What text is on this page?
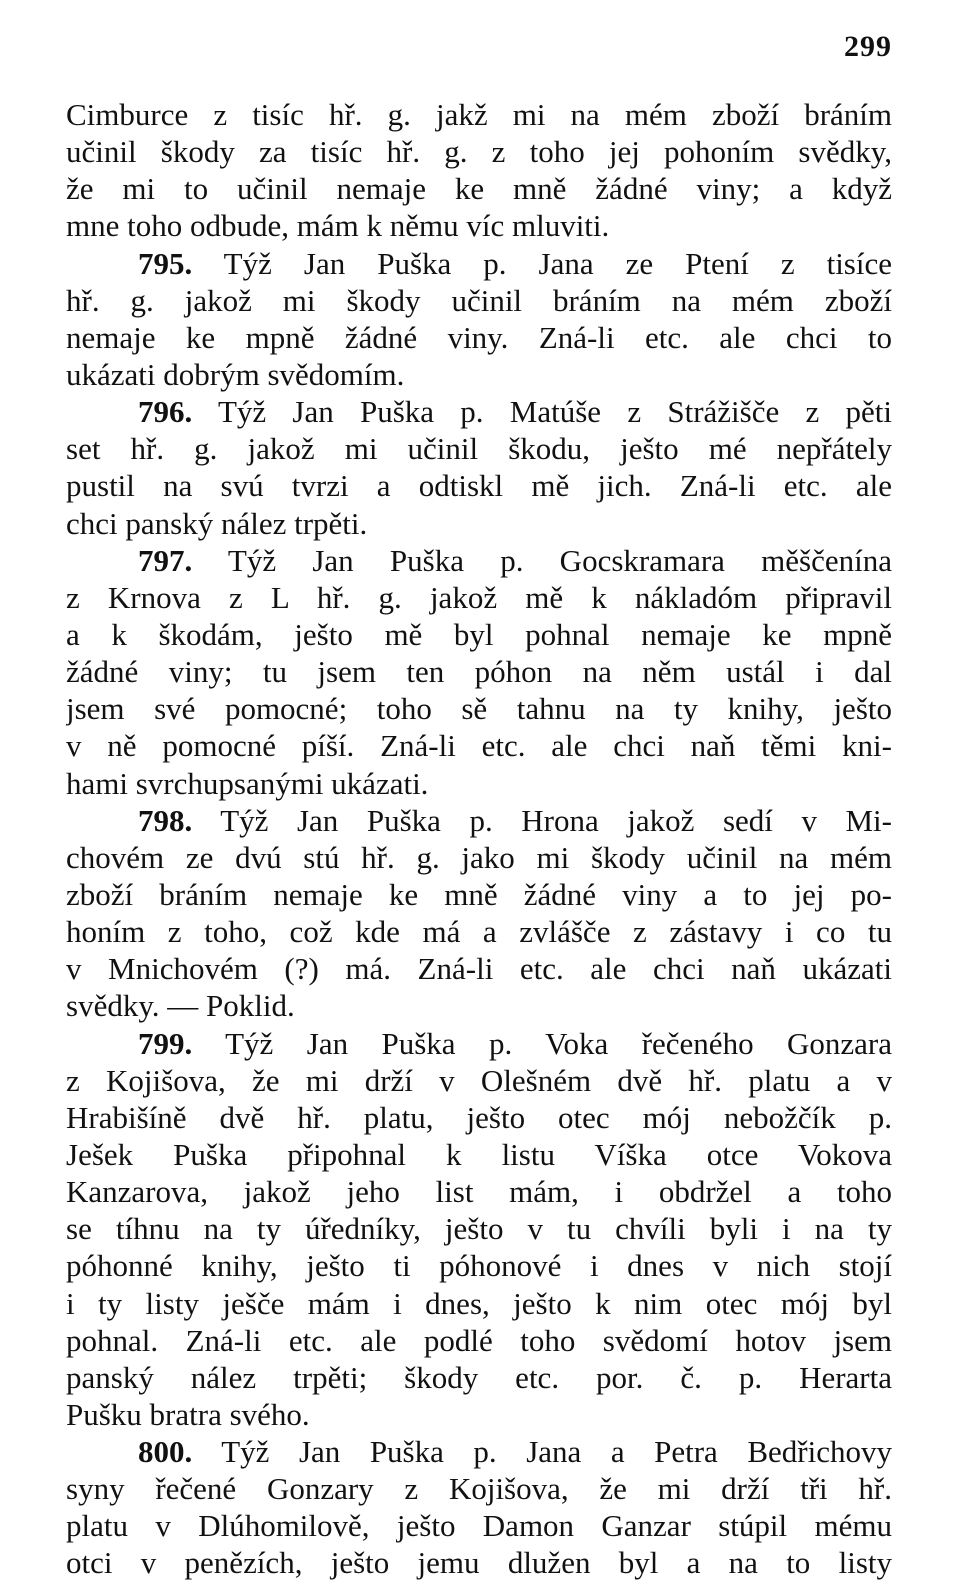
299
Cimburce z tisíc hř. g. jakž mi na mém zboží bráním
učinil škody za tisíc hř. g. z toho jej pohoním svědky,
že mi to učinil nemaje ke mně žádné viny; a když
mne toho odbude, mám k němu víc mluviti.
795. Týž Jan Puška p. Jana ze Ptení z tisíce
hř. g. jakož mi škody učinil bráním na mém zboží
nemaje ke mpně žádné viny. Zná-li etc. ale chci to
ukázati dobrým svědomím.
796. Týž Jan Puška p. Matúše z Strážišče z pěti
set hř. g. jakož mi učinil škodu, ješto mé nepřátely
pustil na svú tvrzi a odtiskl mě jich. Zná-li etc. ale
chci panský nález trpěti.
797. Týž Jan Puška p. Gocskramara měščenína
z Krnova z L hř. g. jakož mě k nákladóm připravil
a k škodám, ješto mě byl pohnal nemaje ke mpně
žádné viny; tu jsem ten póhon na něm ustál i dal
jsem své pomocné; toho sě tahnu na ty knihy, ješto
v ně pomocné píší. Zná-li etc. ale chci naň těmi kni-
hami svrchupsanými ukázati.
798. Týž Jan Puška p. Hrona jakož sedí v Mi-
chovém ze dvú stú hř. g. jako mi škody učinil na mém
zboží bráním nemaje ke mně žádné viny a to jej po-
honím z toho, což kde má a zvlášče z zástavy i co tu
v Mnichovém (?) má. Zná-li etc. ale chci naň ukázati
svědky. — Poklid.
799. Týž Jan Puška p. Voka řečeného Gonzara
z Kojišova, že mi drží v Olešném dvě hř. platu a v
Hrabišíně dvě hř. platu, ješto otec mój nebožčík p.
Ješek Puška připohnal k listu Víška otce Vokova
Kanzarova, jakož jeho list mám, i obdržel a toho
se tíhnu na ty úředníky, ješto v tu chvíli byli i na ty
póhonné knihy, ješto ti póhonové i dnes v nich stojí
i ty listy ješče mám i dnes, ješto k nim otec mój byl
pohnal. Zná-li etc. ale podlé toho svědomí hotov jsem
panský nález trpěti; škody etc. por. č. p. Herarta
Pušku bratra svého.
800. Týž Jan Puška p. Jana a Petra Bedřichovy
syny řečené Gonzary z Kojišova, že mi drží tři hř.
platu v Dlúhomilově, ješto Damon Ganzar stúpil mému
otci v penězích, ješto jemu dlužen byl a na to listy
